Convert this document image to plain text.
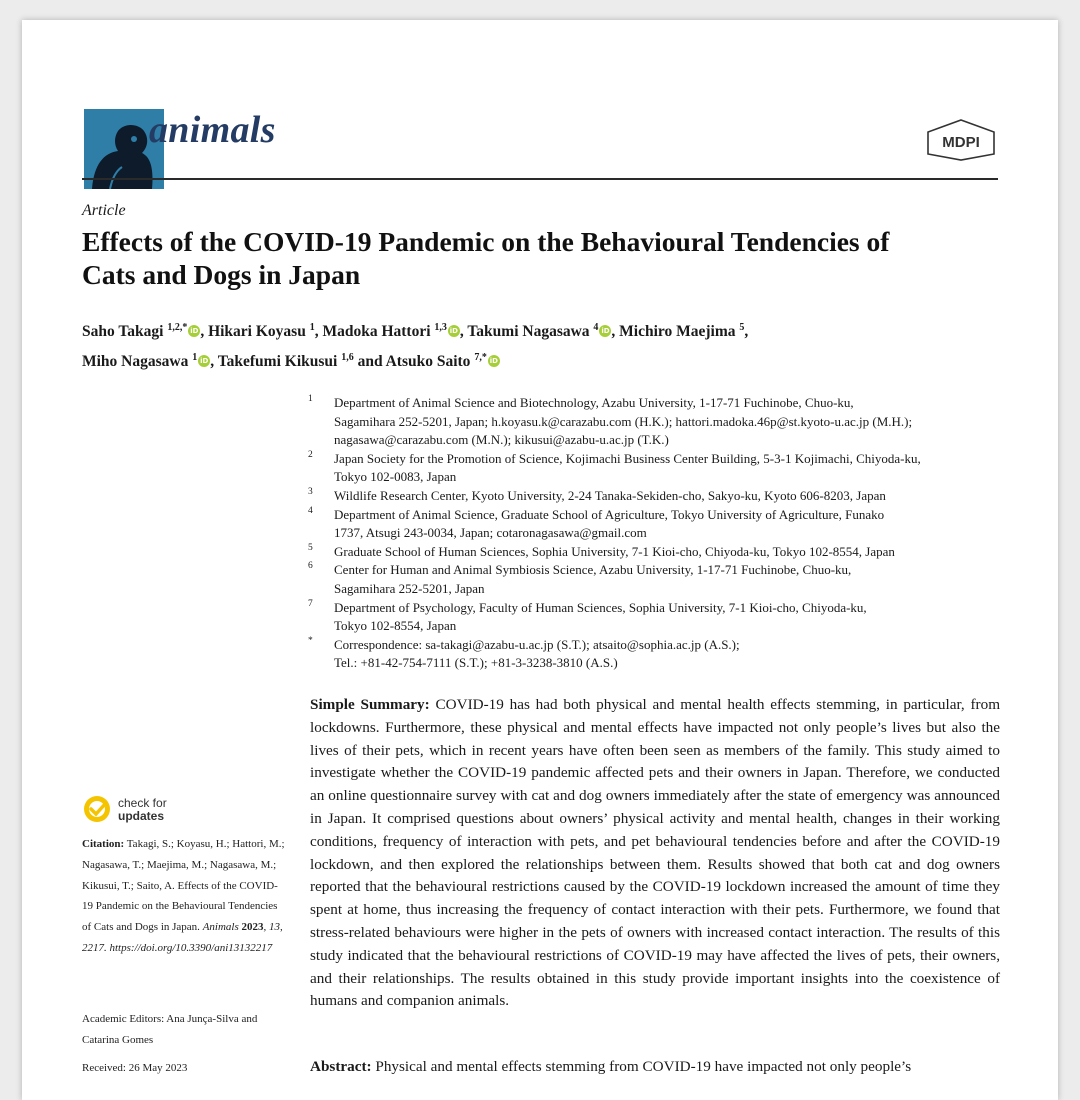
animals	MDPI
Article
Effects of the COVID-19 Pandemic on the Behavioural Tendencies of Cats and Dogs in Japan
Saho Takagi $^{1,2,*}$ iD , Hikari Koyasu $^1$, Madoka Hattori $^{1,3}$ iD , Takumi Nagasawa $^4$ iD , Michiro Maejima $^5$,
Miho Nagasawa $^1$ iD , Takefumi Kikusui $^{1,6}$ and Atsuko Saito $^{7,*}$ iD
1 Department of Animal Science and Biotechnology, Azabu University, 1-17-71 Fuchinobe, Chuo-ku,
Sagamihara 252-5201, Japan; h.koyasu.k@carazabu.com (H.K.); hattori.madoka.46p@st.kyoto-u.ac.jp (M.H.);
nagasawa@carazabu.com (M.N.); kikusui@azabu-u.ac.jp (T.K.)
2 Japan Society for the Promotion of Science, Kojimachi Business Center Building, 5-3-1 Kojimachi, Chiyoda-ku,
Tokyo 102-0083, Japan
3 Wildlife Research Center, Kyoto University, 2-24 Tanaka-Sekiden-cho, Sakyo-ku, Kyoto 606-8203, Japan
4 Department of Animal Science, Graduate School of Agriculture, Tokyo University of Agriculture, Funako
1737, Atsugi 243-0034, Japan; cotaronagasawa@gmail.com
5 Graduate School of Human Sciences, Sophia University, 7-1 Kioi-cho, Chiyoda-ku, Tokyo 102-8554, Japan
6 Center for Human and Animal Symbiosis Science, Azabu University, 1-17-71 Fuchinobe, Chuo-ku,
Sagamihara 252-5201, Japan
7 Department of Psychology, Faculty of Human Sciences, Sophia University, 7-1 Kioi-cho, Chiyoda-ku,
Tokyo 102-8554, Japan
* Correspondence: sa-takagi@azabu-u.ac.jp (S.T.); atsaito@sophia.ac.jp (A.S.);
Tel.: +81-42-754-7111 (S.T.); +81-3-3238-3810 (A.S.)
Simple Summary: COVID-19 has had both physical and mental health effects stemming, in particular, from lockdowns. Furthermore, these physical and mental effects have impacted not only people’s lives but also the lives of their pets, which in recent years have often been seen as members of the family. This study aimed to investigate whether the COVID-19 pandemic affected pets and their owners in Japan. Therefore, we conducted an online questionnaire survey with cat and dog owners immediately after the state of emergency was announced in Japan. It comprised questions about owners’ physical activity and mental health, changes in their working conditions, frequency of interaction with pets, and pet behavioural tendencies before and after the COVID-19 lockdown, and then explored the relationships between them. Results showed that both cat and dog owners reported that the behavioural restrictions caused by the COVID-19 lockdown increased the amount of time they spent at home, thus increasing the frequency of contact interaction with their pets. Furthermore, we found that stress-related behaviours were higher in the pets of owners with increased contact interaction. The results of this study indicated that the behavioural restrictions of COVID-19 may have affected the lives of pets, their owners, and their relationships. The results obtained in this study provide important insights into the coexistence of humans and companion animals.
check for
updates
Citation: Takagi, S.; Koyasu, H.; Hattori, M.; Nagasawa, T.; Maejima, M.; Nagasawa, M.; Kikusui, T.; Saito, A. Effects of the COVID-19 Pandemic on the Behavioural Tendencies of Cats and Dogs in Japan. Animals 2023, 13, 2217. https://doi.org/10.3390/ani13132217
Academic Editors: Ana Junça-Silva and Catarina Gomes
Received: 26 May 2023	Abstract: Physical and mental effects stemming from COVID-19 have impacted not only people’s
